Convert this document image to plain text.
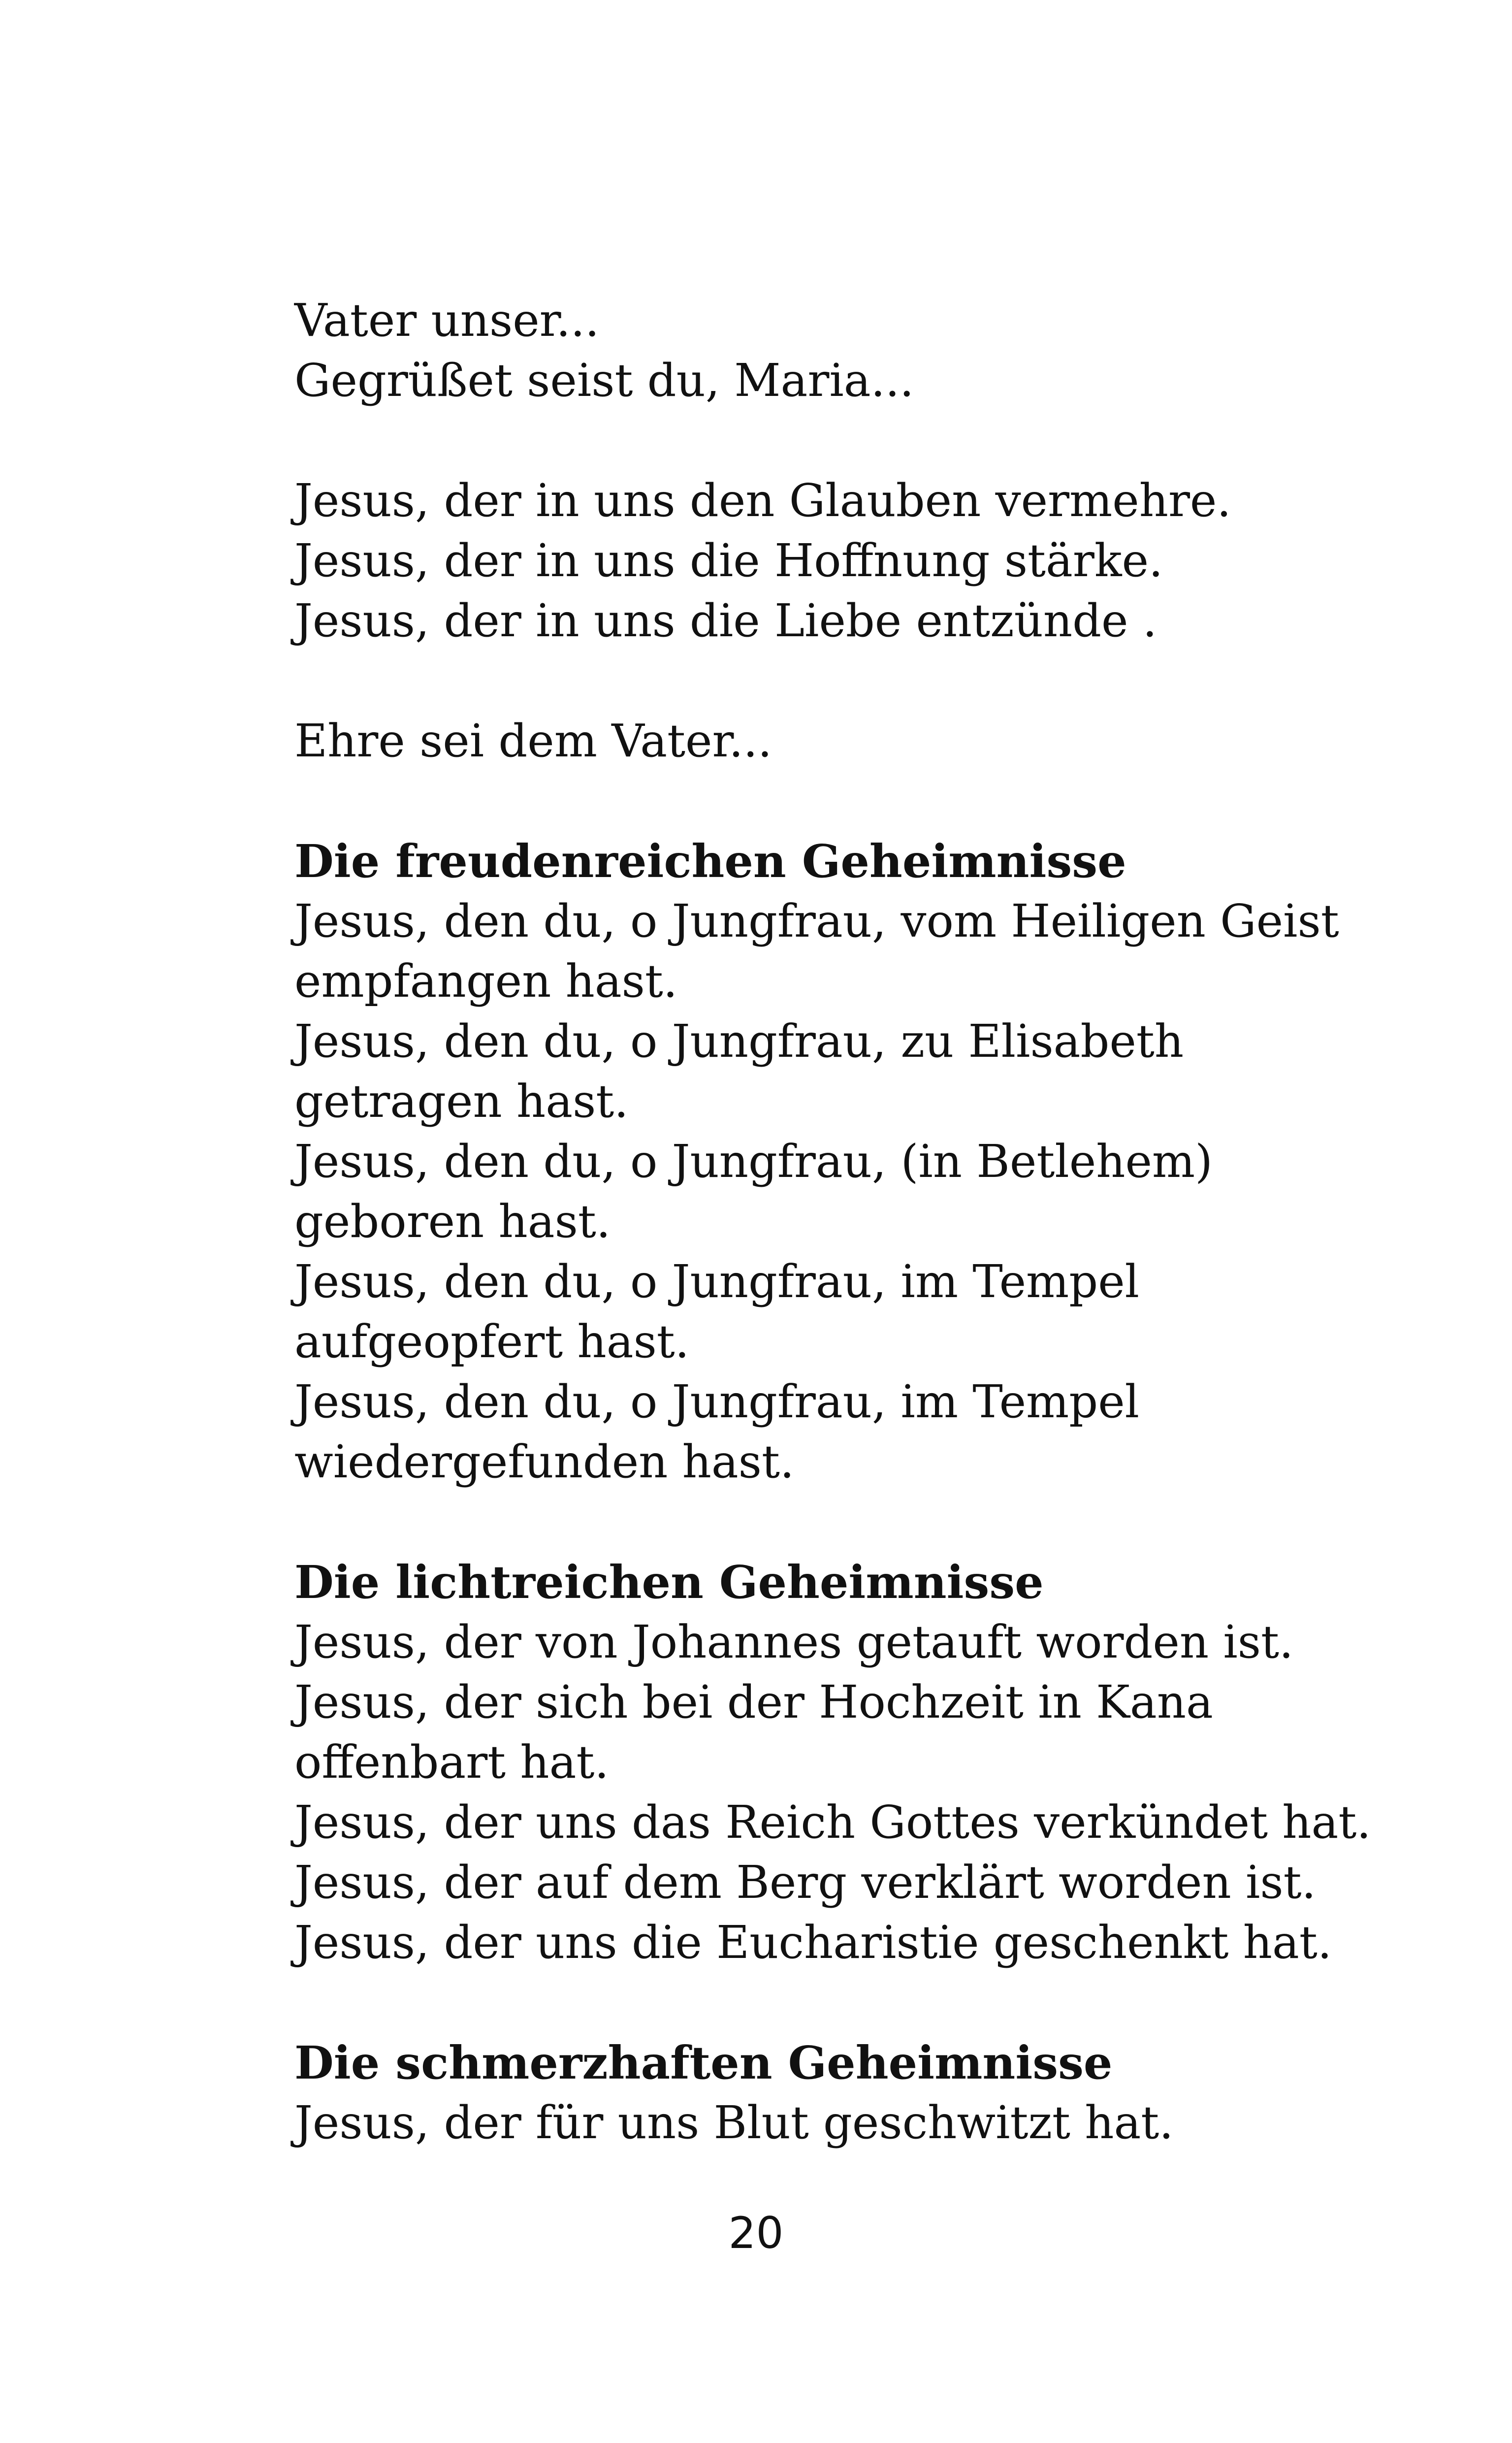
Vater unser...
Gegrüßet seist du, Maria...
Jesus, der in uns den Glauben vermehre.
Jesus, der in uns die Hoffnung stärke.
Jesus, der in uns die Liebe entzünde .
Ehre sei dem Vater...
Die freudenreichen Geheimnisse
Jesus, den du, o Jungfrau, vom Heiligen Geist
empfangen hast.
Jesus, den du, o Jungfrau, zu Elisabeth
getragen hast.
Jesus, den du, o Jungfrau, (in Betlehem)
geboren hast.
Jesus, den du, o Jungfrau, im Tempel
aufgeopfert hast.
Jesus, den du, o Jungfrau, im Tempel
wiedergefunden hast.
Die lichtreichen Geheimnisse
Jesus, der von Johannes getauft worden ist.
Jesus, der sich bei der Hochzeit in Kana
offenbart hat.
Jesus, der uns das Reich Gottes verkündet hat.
Jesus, der auf dem Berg verklärt worden ist.
Jesus, der uns die Eucharistie geschenkt hat.
Die schmerzhaften Geheimnisse
Jesus, der für uns Blut geschwitzt hat.
20
